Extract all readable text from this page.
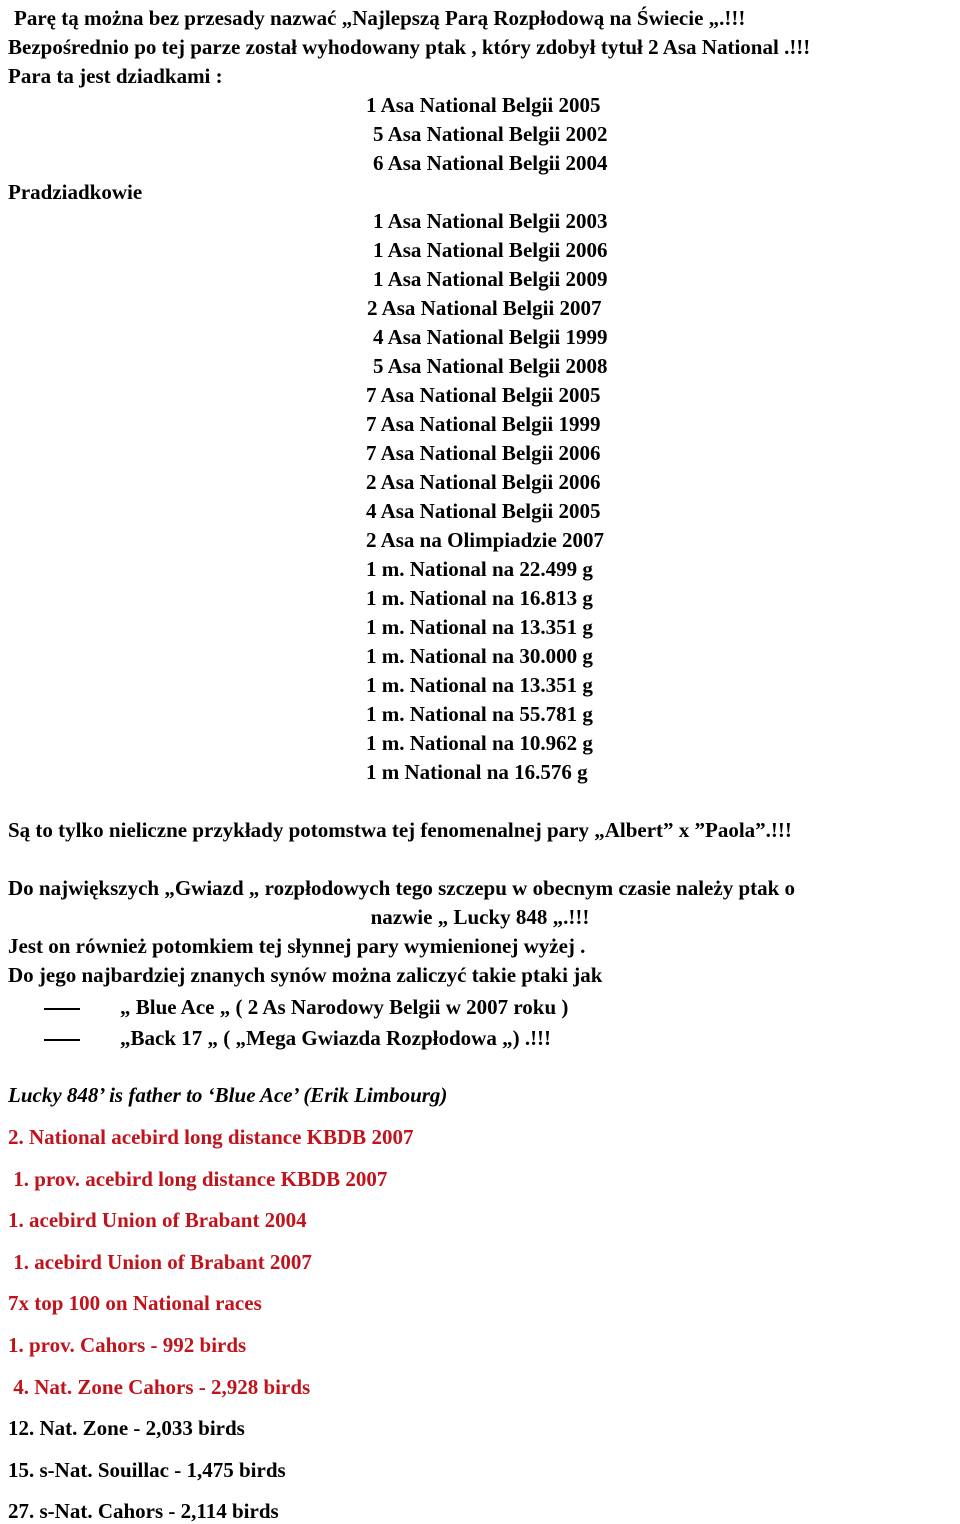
Parę tą można bez przesady nazwać „Najlepszą Parą Rozpłodową na Świecie „.!!!
Bezpośrednio po tej parze został wyhodowany ptak , który zdobył tytuł 2 Asa National .!!!
Para ta jest dziadkami :
1 Asa National Belgii 2005
5 Asa National Belgii 2002
6 Asa National Belgii 2004
Pradziadkowie
1 Asa National Belgii 2003
1 Asa National Belgii 2006
1 Asa National Belgii 2009
2 Asa National Belgii 2007
4 Asa National Belgii 1999
5 Asa National Belgii 2008
7 Asa National Belgii 2005
7 Asa National Belgii 1999
7 Asa National Belgii 2006
2 Asa National Belgii 2006
4 Asa National Belgii 2005
2 Asa na Olimpiadzie 2007
1 m. National na 22.499 g
1 m. National na 16.813 g
1 m. National na 13.351 g
1 m. National na 30.000 g
1 m. National na 13.351 g
1 m. National na 55.781 g
1 m. National na 10.962 g
1 m National na 16.576 g
Są to tylko nieliczne przykłady potomstwa tej fenomenalnej pary „Albert” x ”Paola”.!!!
Do największych „Gwiazd „ rozpłodowych tego szczepu w obecnym czasie należy ptak o
nazwie „ Lucky 848 „.!!!
Jest on również potomkiem tej słynnej pary wymienionej wyżej .
Do jego najbardziej znanych synów można zaliczyć takie ptaki jak
„ Blue Ace „ ( 2 As Narodowy Belgii w 2007 roku )
„Back 17 „ ( „Mega Gwiazda Rozpłodowa „) .!!!
Lucky 848’ is father to ‘Blue Ace’ (Erik Limbourg)
2. National acebird long distance KBDB 2007
1. prov. acebird long distance KBDB 2007
1. acebird Union of Brabant 2004
1. acebird Union of Brabant 2007
7x top 100 on National races
1. prov. Cahors - 992 birds
4. Nat. Zone Cahors - 2,928 birds
12. Nat. Zone - 2,033 birds
15. s-Nat. Souillac - 1,475 birds
27. s-Nat. Cahors - 2,114 birds
